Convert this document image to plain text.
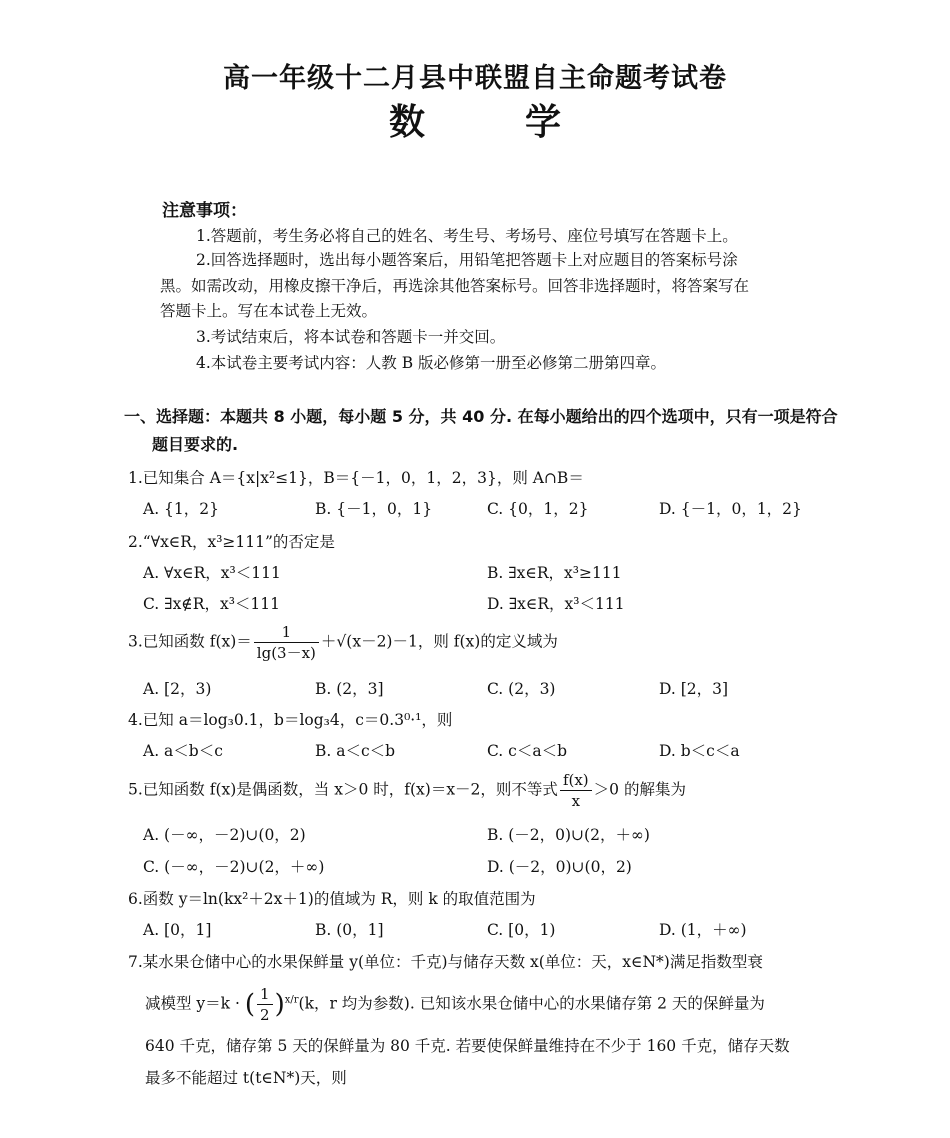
高一年级十二月县中联盟自主命题考试卷
数	学
注意事项：
1.答题前，考生务必将自己的姓名、考生号、考场号、座位号填写在答题卡上。
2.回答选择题时，选出每小题答案后，用铅笔把答题卡上对应题目的答案标号涂
黑。如需改动，用橡皮擦干净后，再选涂其他答案标号。回答非选择题时，将答案写在
答题卡上。写在本试卷上无效。
3.考试结束后，将本试卷和答题卡一并交回。
4.本试卷主要考试内容：人教 B 版必修第一册至必修第二册第四章。
一、选择题：本题共 8 小题，每小题 5 分，共 40 分. 在每小题给出的四个选项中，只有一项是符合
题目要求的.
1.已知集合 A＝{x|x²≤1}，B＝{－1，0，1，2，3}，则 A∩B＝
A. {1，2}	B. {－1，0，1}	C. {0，1，2}	D. {－1，0，1，2}
2.“∀x∈R，x³≥111”的否定是
A. ∀x∈R，x³＜111	B. ∃x∈R，x³≥111
C. ∃x∉R，x³＜111	D. ∃x∈R，x³＜111
3.已知函数 $f(x)= \frac{1}{\lg(3-x)} +√(x-2)-1$，则 f(x)的定义域为
A. [2，3)	B. (2，3]	C. (2，3)	D. [2，3]
4.已知 a＝log₃0.1，b＝log₃4，c＝0.3⁰·¹，则
A. a＜b＜c	B. a＜c＜b	C. c＜a＜b	D. b＜c＜a
5.已知函数 f(x)是偶函数，当 x＞0 时，f(x)＝x－2，则不等式 $\frac{f(x)}{x} >0$ 的解集为
A. (－∞，－2)∪(0，2)	B. (－2，0)∪(2，＋∞)
C. (－∞，－2)∪(2，＋∞)	D. (－2，0)∪(0，2)
6.函数 y＝ln(kx²＋2x＋1)的值域为 R，则 k 的取值范围为
A. [0，1]	B. (0，1]	C. [0，1)	D. (1，＋∞)
7.某水果仓储中心的水果保鲜量 y(单位：千克)与储存天数 x(单位：天，x∈N*)满足指数型衰
减模型 y＝k · ( $\frac{1}{2} )^{x/r}(k$，r 均为参数). 已知该水果仓储中心的水果储存第 2 天的保鲜量为
640 千克，储存第 5 天的保鲜量为 80 千克. 若要使保鲜量维持在不少于 160 千克，储存天数
最多不能超过 t(t∈N*)天，则
